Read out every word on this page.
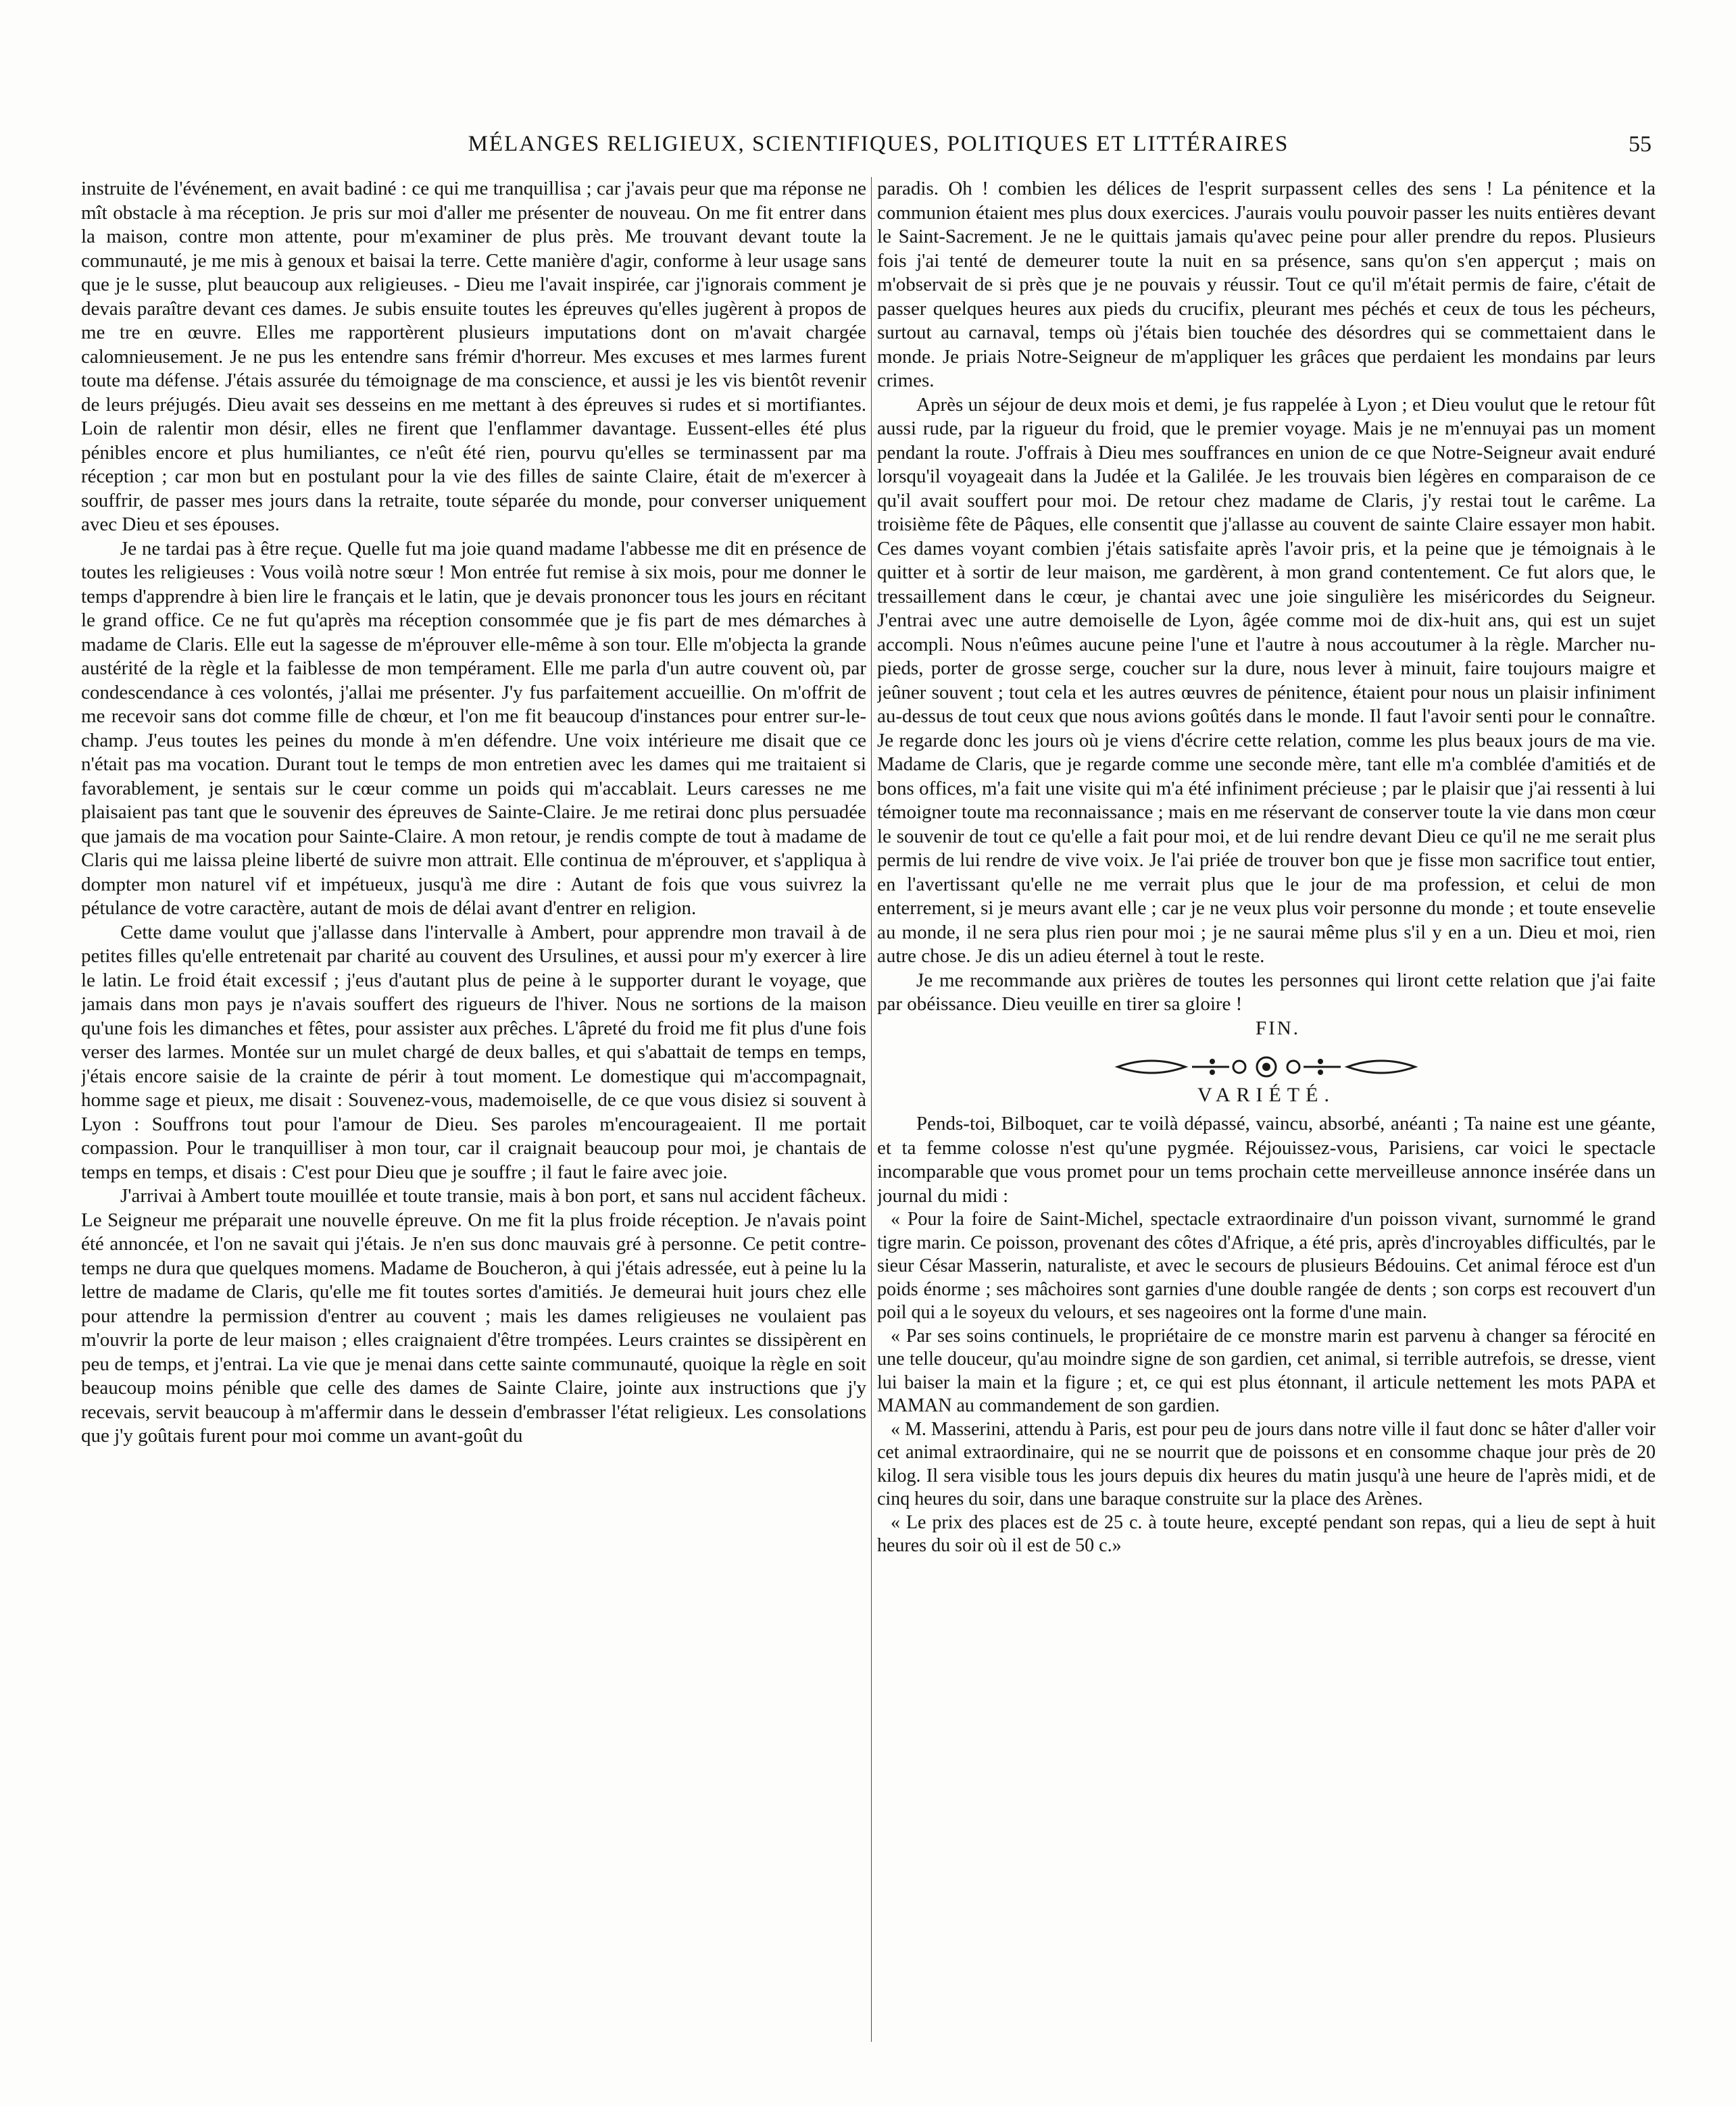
MÉLANGES RELIGIEUX, SCIENTIFIQUES, POLITIQUES ET LITTÉRAIRES	55

instruite de l'événement, en avait badiné : ce qui me tranquillisa ; car j'avais peur que ma réponse ne mît obstacle à ma réception. Je pris sur moi d'aller me présenter de nouveau. On me fit entrer dans la maison, contre mon attente, pour m'examiner de plus près. Me trouvant devant toute la communauté, je me mis à genoux et baisai la terre. Cette manière d'agir, conforme à leur usage sans que je le susse, plut beaucoup aux religieuses. - Dieu me l'avait inspirée, car j'ignorais comment je devais paraître devant ces dames. Je subis ensuite toutes les épreuves qu'elles jugèrent à propos de me tre en œuvre. Elles me rapportèrent plusieurs imputations dont on m'avait chargée calomnieusement. Je ne pus les entendre sans frémir d'horreur. Mes excuses et mes larmes furent toute ma défense. J'étais assurée du témoignage de ma conscience, et aussi je les vis bientôt revenir de leurs préjugés. Dieu avait ses desseins en me mettant à des épreuves si rudes et si mortifiantes. Loin de ralentir mon désir, elles ne firent que l'enflammer davantage. Eussent-elles été plus pénibles encore et plus humiliantes, ce n'eût été rien, pourvu qu'elles se terminassent par ma réception ; car mon but en postulant pour la vie des filles de sainte Claire, était de m'exercer à souffrir, de passer mes jours dans la retraite, toute séparée du monde, pour converser uniquement avec Dieu et ses épouses.

Je ne tardai pas à être reçue. Quelle fut ma joie quand madame l'abbesse me dit en présence de toutes les religieuses : Vous voilà notre sœur ! Mon entrée fut remise à six mois, pour me donner le temps d'apprendre à bien lire le français et le latin, que je devais prononcer tous les jours en récitant le grand office. Ce ne fut qu'après ma réception consommée que je fis part de mes démarches à madame de Claris. Elle eut la sagesse de m'éprouver elle-même à son tour. Elle m'objecta la grande austérité de la règle et la faiblesse de mon tempérament. Elle me parla d'un autre couvent où, par condescendance à ces volontés, j'allai me présenter. J'y fus parfaitement accueillie. On m'offrit de me recevoir sans dot comme fille de chœur, et l'on me fit beaucoup d'instances pour entrer sur-le-champ. J'eus toutes les peines du monde à m'en défendre. Une voix intérieure me disait que ce n'était pas ma vocation. Durant tout le temps de mon entretien avec les dames qui me traitaient si favorablement, je sentais sur le cœur comme un poids qui m'accablait. Leurs caresses ne me plaisaient pas tant que le souvenir des épreuves de Sainte-Claire. Je me retirai donc plus persuadée que jamais de ma vocation pour Sainte-Claire. A mon retour, je rendis compte de tout à madame de Claris qui me laissa pleine liberté de suivre mon attrait. Elle continua de m'éprouver, et s'appliqua à dompter mon naturel vif et impétueux, jusqu'à me dire : Autant de fois que vous suivrez la pétulance de votre caractère, autant de mois de délai avant d'entrer en religion.

Cette dame voulut que j'allasse dans l'intervalle à Ambert, pour apprendre mon travail à de petites filles qu'elle entretenait par charité au couvent des Ursulines, et aussi pour m'y exercer à lire le latin. Le froid était excessif ; j'eus d'autant plus de peine à le supporter durant le voyage, que jamais dans mon pays je n'avais souffert des rigueurs de l'hiver. Nous ne sortions de la maison qu'une fois les dimanches et fêtes, pour assister aux prêches. L'âpreté du froid me fit plus d'une fois verser des larmes. Montée sur un mulet chargé de deux balles, et qui s'abattait de temps en temps, j'étais encore saisie de la crainte de périr à tout moment. Le domestique qui m'accompagnait, homme sage et pieux, me disait : Souvenez-vous, mademoiselle, de ce que vous disiez si souvent à Lyon : Souffrons tout pour l'amour de Dieu. Ses paroles m'encourageaient. Il me portait compassion. Pour le tranquilliser à mon tour, car il craignait beaucoup pour moi, je chantais de temps en temps, et disais : C'est pour Dieu que je souffre ; il faut le faire avec joie.

J'arrivai à Ambert toute mouillée et toute transie, mais à bon port, et sans nul accident fâcheux. Le Seigneur me préparait une nouvelle épreuve. On me fit la plus froide réception. Je n'avais point été annoncée, et l'on ne savait qui j'étais. Je n'en sus donc mauvais gré à personne. Ce petit contre-temps ne dura que quelques momens. Madame de Boucheron, à qui j'étais adressée, eut à peine lu la lettre de madame de Claris, qu'elle me fit toutes sortes d'amitiés. Je demeurai huit jours chez elle pour attendre la permission d'entrer au couvent ; mais les dames religieuses ne voulaient pas m'ouvrir la porte de leur maison ; elles craignaient d'être trompées. Leurs craintes se dissipèrent en peu de temps, et j'entrai. La vie que je menai dans cette sainte communauté, quoique la règle en soit beaucoup moins pénible que celle des dames de Sainte Claire, jointe aux instructions que j'y recevais, servit beaucoup à m'affermir dans le dessein d'embrasser l'état religieux. Les consolations que j'y goûtais furent pour moi comme un avant-goût du

paradis. Oh ! combien les délices de l'esprit surpassent celles des sens ! La pénitence et la communion étaient mes plus doux exercices. J'aurais voulu pouvoir passer les nuits entières devant le Saint-Sacrement. Je ne le quittais jamais qu'avec peine pour aller prendre du repos. Plusieurs fois j'ai tenté de demeurer toute la nuit en sa présence, sans qu'on s'en apperçut ; mais on m'observait de si près que je ne pouvais y réussir. Tout ce qu'il m'était permis de faire, c'était de passer quelques heures aux pieds du crucifix, pleurant mes péchés et ceux de tous les pécheurs, surtout au carnaval, temps où j'étais bien touchée des désordres qui se commettaient dans le monde. Je priais Notre-Seigneur de m'appliquer les grâces que perdaient les mondains par leurs crimes.

Après un séjour de deux mois et demi, je fus rappelée à Lyon ; et Dieu voulut que le retour fût aussi rude, par la rigueur du froid, que le premier voyage. Mais je ne m'ennuyai pas un moment pendant la route. J'offrais à Dieu mes souffrances en union de ce que Notre-Seigneur avait enduré lorsqu'il voyageait dans la Judée et la Galilée. Je les trouvais bien légères en comparaison de ce qu'il avait souffert pour moi. De retour chez madame de Claris, j'y restai tout le carême. La troisième fête de Pâques, elle consentit que j'allasse au couvent de sainte Claire essayer mon habit. Ces dames voyant combien j'étais satisfaite après l'avoir pris, et la peine que je témoignais à le quitter et à sortir de leur maison, me gardèrent, à mon grand contentement. Ce fut alors que, le tressaillement dans le cœur, je chantai avec une joie singulière les miséricordes du Seigneur. J'entrai avec une autre demoiselle de Lyon, âgée comme moi de dix-huit ans, qui est un sujet accompli. Nous n'eûmes aucune peine l'une et l'autre à nous accoutumer à la règle. Marcher nu-pieds, porter de grosse serge, coucher sur la dure, nous lever à minuit, faire toujours maigre et jeûner souvent ; tout cela et les autres œuvres de pénitence, étaient pour nous un plaisir infiniment au-dessus de tout ceux que nous avions goûtés dans le monde. Il faut l'avoir senti pour le connaître. Je regarde donc les jours où je viens d'écrire cette relation, comme les plus beaux jours de ma vie. Madame de Claris, que je regarde comme une seconde mère, tant elle m'a comblée d'amitiés et de bons offices, m'a fait une visite qui m'a été infiniment précieuse ; par le plaisir que j'ai ressenti à lui témoigner toute ma reconnaissance ; mais en me réservant de conserver toute la vie dans mon cœur le souvenir de tout ce qu'elle a fait pour moi, et de lui rendre devant Dieu ce qu'il ne me serait plus permis de lui rendre de vive voix. Je l'ai priée de trouver bon que je fisse mon sacrifice tout entier, en l'avertissant qu'elle ne me verrait plus que le jour de ma profession, et celui de mon enterrement, si je meurs avant elle ; car je ne veux plus voir personne du monde ; et toute ensevelie au monde, il ne sera plus rien pour moi ; je ne saurai même plus s'il y en a un. Dieu et moi, rien autre chose. Je dis un adieu éternel à tout le reste.

Je me recommande aux prières de toutes les personnes qui liront cette relation que j'ai faite par obéissance. Dieu veuille en tirer sa gloire !

FIN.
VARIÉTÉ.

Pends-toi, Bilboquet, car te voilà dépassé, vaincu, absorbé, anéanti ; Ta naine est une géante, et ta femme colosse n'est qu'une pygmée. Réjouissez-vous, Parisiens, car voici le spectacle incomparable que vous promet pour un tems prochain cette merveilleuse annonce insérée dans un journal du midi :

« Pour la foire de Saint-Michel, spectacle extraordinaire d'un poisson vivant, surnommé le grand tigre marin. Ce poisson, provenant des côtes d'Afrique, a été pris, après d'incroyables difficultés, par le sieur César Masserin, naturaliste, et avec le secours de plusieurs Bédouins. Cet animal féroce est d'un poids énorme ; ses mâchoires sont garnies d'une double rangée de dents ; son corps est recouvert d'un poil qui a le soyeux du velours, et ses nageoires ont la forme d'une main.

« Par ses soins continuels, le propriétaire de ce monstre marin est parvenu à changer sa férocité en une telle douceur, qu'au moindre signe de son gardien, cet animal, si terrible autrefois, se dresse, vient lui baiser la main et la figure ; et, ce qui est plus étonnant, il articule nettement les mots PAPA et MAMAN au commandement de son gardien.

« M. Masserini, attendu à Paris, est pour peu de jours dans notre ville il faut donc se hâter d'aller voir cet animal extraordinaire, qui ne se nourrit que de poissons et en consomme chaque jour près de 20 kilog. Il sera visible tous les jours depuis dix heures du matin jusqu'à une heure de l'après midi, et de cinq heures du soir, dans une baraque construite sur la place des Arènes.

« Le prix des places est de 25 c. à toute heure, excepté pendant son repas, qui a lieu de sept à huit heures du soir où il est de 50 c.»
